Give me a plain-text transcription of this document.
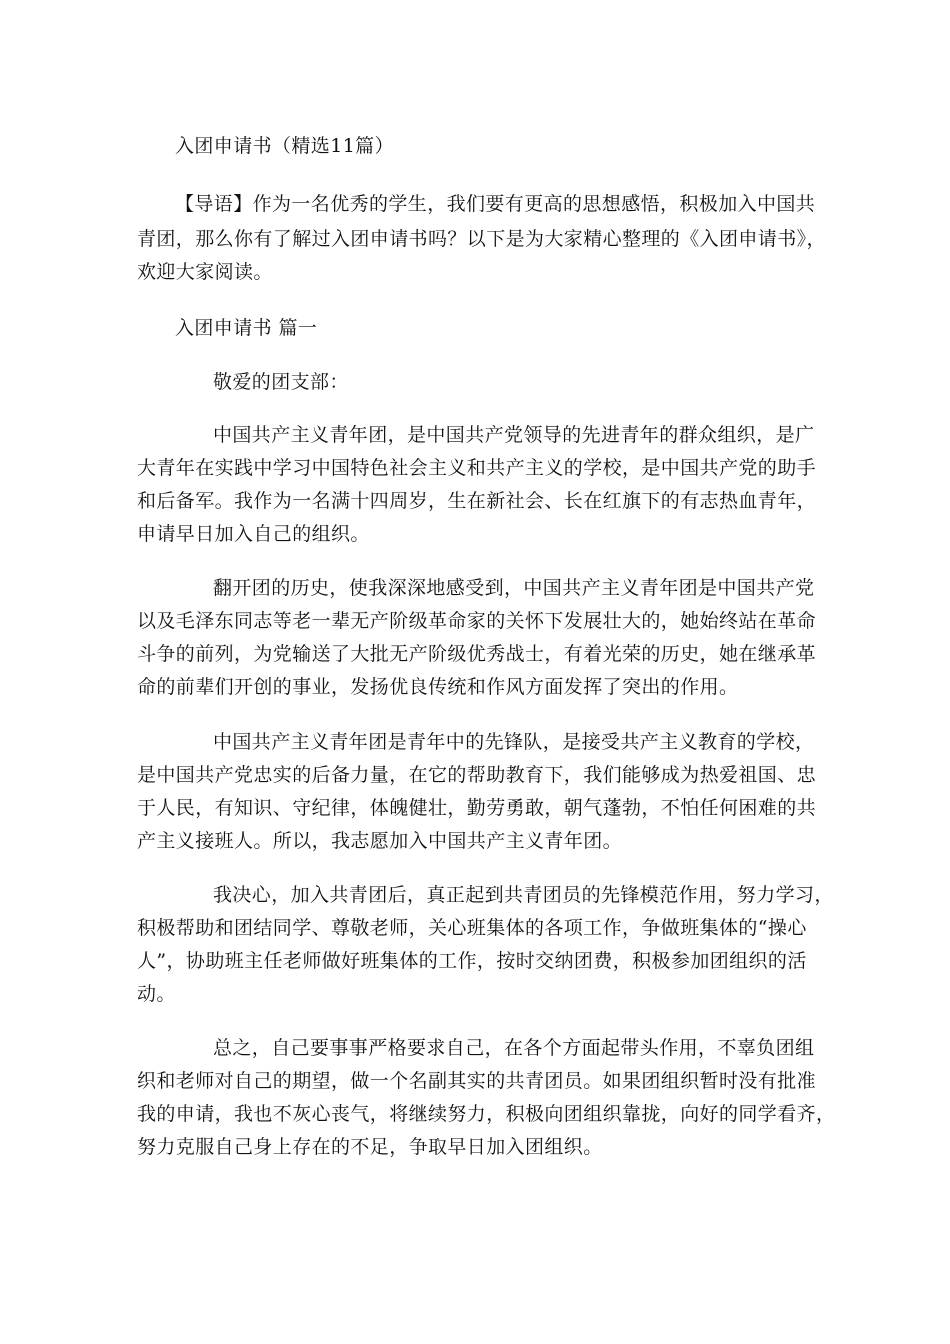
入团申请书（精选11篇）
【导语】作为一名优秀的学生，我们要有更高的思想感悟，积极加入中国共
青团，那么你有了解过入团申请书吗？以下是为大家精心整理的《入团申请书》，
欢迎大家阅读。
入团申请书 篇一
敬爱的团支部：
中国共产主义青年团，是中国共产党领导的先进青年的群众组织，是广
大青年在实践中学习中国特色社会主义和共产主义的学校，是中国共产党的助手
和后备军。我作为一名满十四周岁，生在新社会、长在红旗下的有志热血青年，
申请早日加入自己的组织。
翻开团的历史，使我深深地感受到，中国共产主义青年团是中国共产党
以及毛泽东同志等老一辈无产阶级革命家的关怀下发展壮大的，她始终站在革命
斗争的前列，为党输送了大批无产阶级优秀战士，有着光荣的历史，她在继承革
命的前辈们开创的事业，发扬优良传统和作风方面发挥了突出的作用。
中国共产主义青年团是青年中的先锋队，是接受共产主义教育的学校，
是中国共产党忠实的后备力量，在它的帮助教育下，我们能够成为热爱祖国、忠
于人民，有知识、守纪律，体魄健壮，勤劳勇敢，朝气蓬勃，不怕任何困难的共
产主义接班人。所以，我志愿加入中国共产主义青年团。
我决心，加入共青团后，真正起到共青团员的先锋模范作用，努力学习，
积极帮助和团结同学、尊敬老师，关心班集体的各项工作，争做班集体的“操心
人”，协助班主任老师做好班集体的工作，按时交纳团费，积极参加团组织的活
动。
总之，自己要事事严格要求自己，在各个方面起带头作用，不辜负团组
织和老师对自己的期望，做一个名副其实的共青团员。如果团组织暂时没有批准
我的申请，我也不灰心丧气，将继续努力，积极向团组织靠拢，向好的同学看齐，
努力克服自己身上存在的不足，争取早日加入团组织。
